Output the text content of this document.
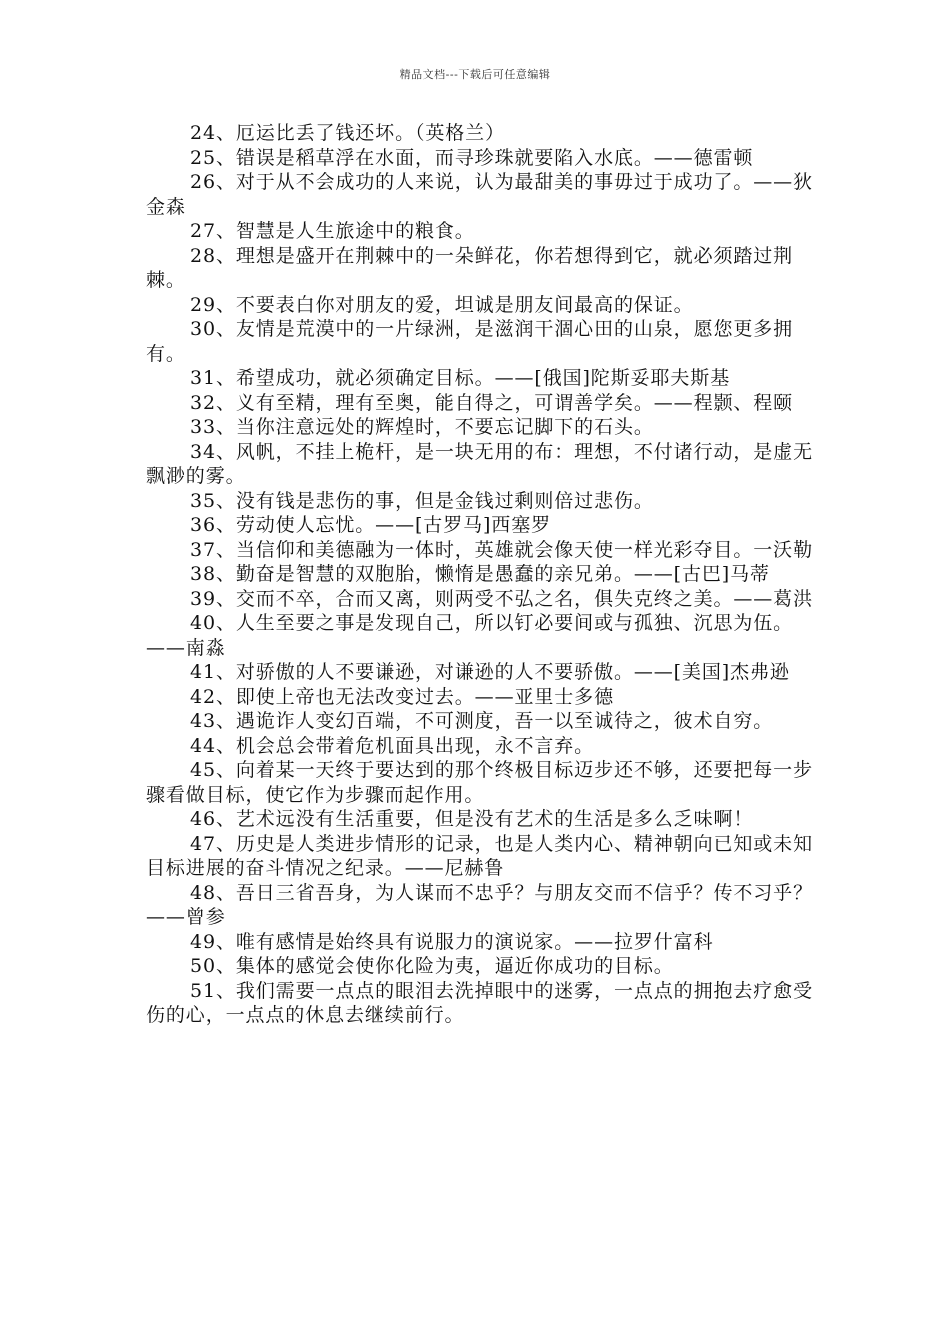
精品文档---下载后可任意编辑

24、厄运比丢了钱还坏。（英格兰）

25、错误是稻草浮在水面，而寻珍珠就要陷入水底。——德雷顿

26、对于从不会成功的人来说，认为最甜美的事毋过于成功了。——狄金森

27、智慧是人生旅途中的粮食。

28、理想是盛开在荆棘中的一朵鲜花，你若想得到它，就必须踏过荆棘。

29、不要表白你对朋友的爱，坦诚是朋友间最高的保证。

30、友情是荒漠中的一片绿洲，是滋润干涸心田的山泉，愿您更多拥有。

31、希望成功，就必须确定目标。——[俄国]陀斯妥耶夫斯基

32、义有至精，理有至奥，能自得之，可谓善学矣。——程颢、程颐

33、当你注意远处的辉煌时，不要忘记脚下的石头。

34、风帆，不挂上桅杆，是一块无用的布：理想，不付诸行动，是虚无飘渺的雾。

35、没有钱是悲伤的事，但是金钱过剩则倍过悲伤。

36、劳动使人忘忧。——[古罗马]西塞罗

37、当信仰和美德融为一体时，英雄就会像天使一样光彩夺目。一沃勒

38、勤奋是智慧的双胞胎，懒惰是愚蠢的亲兄弟。——[古巴]马蒂

39、交而不卒，合而又离，则两受不弘之名，俱失克终之美。——葛洪

40、人生至要之事是发现自己，所以钉必要间或与孤独、沉思为伍。——南淼

41、对骄傲的人不要谦逊，对谦逊的人不要骄傲。——[美国]杰弗逊

42、即使上帝也无法改变过去。——亚里士多德

43、遇诡诈人变幻百端，不可测度，吾一以至诚待之，彼术自穷。

44、机会总会带着危机面具出现，永不言弃。

45、向着某一天终于要达到的那个终极目标迈步还不够，还要把每一步骤看做目标，使它作为步骤而起作用。

46、艺术远没有生活重要，但是没有艺术的生活是多么乏味啊！

47、历史是人类进步情形的记录，也是人类内心、精神朝向已知或未知目标进展的奋斗情况之纪录。——尼赫鲁

48、吾日三省吾身，为人谋而不忠乎？与朋友交而不信乎？传不习乎？——曾参

49、唯有感情是始终具有说服力的演说家。——拉罗什富科

50、集体的感觉会使你化险为夷，逼近你成功的目标。

51、我们需要一点点的眼泪去洗掉眼中的迷雾，一点点的拥抱去疗愈受伤的心，一点点的休息去继续前行。
